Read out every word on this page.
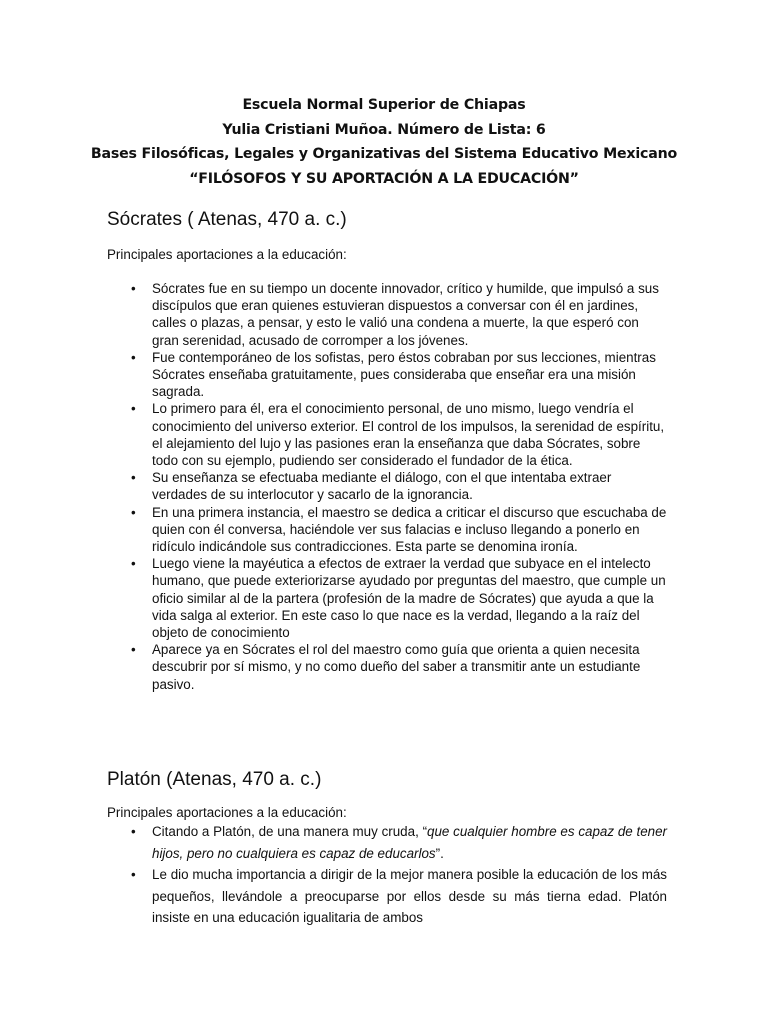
Escuela Normal Superior de Chiapas
Yulia Cristiani Muñoa. Número de Lista: 6
Bases Filosóficas, Legales y Organizativas del Sistema Educativo Mexicano
“FILÓSOFOS Y SU APORTACIÓN A LA EDUCACIÓN”
Sócrates ( Atenas, 470 a. c.)
Principales aportaciones a la educación:
• Sócrates fue en su tiempo un docente innovador, crítico y humilde, que impulsó a sus discípulos que eran quienes estuvieran dispuestos a conversar con él en jardines, calles o plazas, a pensar, y esto le valió una condena a muerte, la que esperó con gran serenidad, acusado de corromper a los jóvenes.
• Fue contemporáneo de los sofistas, pero éstos cobraban por sus lecciones, mientras Sócrates enseñaba gratuitamente, pues consideraba que enseñar era una misión sagrada.
• Lo primero para él, era el conocimiento personal, de uno mismo, luego vendría el conocimiento del universo exterior. El control de los impulsos, la serenidad de espíritu, el alejamiento del lujo y las pasiones eran la enseñanza que daba Sócrates, sobre todo con su ejemplo, pudiendo ser considerado el fundador de la ética.
• Su enseñanza se efectuaba mediante el diálogo, con el que intentaba extraer verdades de su interlocutor y sacarlo de la ignorancia.
• En una primera instancia, el maestro se dedica a criticar el discurso que escuchaba de quien con él conversa, haciéndole ver sus falacias e incluso llegando a ponerlo en ridículo indicándole sus contradicciones. Esta parte se denomina ironía.
• Luego viene la mayéutica a efectos de extraer la verdad que subyace en el intelecto humano, que puede exteriorizarse ayudado por preguntas del maestro, que cumple un oficio similar al de la partera (profesión de la madre de Sócrates) que ayuda a que la vida salga al exterior. En este caso lo que nace es la verdad, llegando a la raíz del objeto de conocimiento
• Aparece ya en Sócrates el rol del maestro como guía que orienta a quien necesita descubrir por sí mismo, y no como dueño del saber a transmitir ante un estudiante pasivo.
Platón (Atenas, 470 a. c.)
Principales aportaciones a la educación:
• Citando a Platón, de una manera muy cruda, “que cualquier hombre es capaz de tener hijos, pero no cualquiera es capaz de educarlos”.
• Le dio mucha importancia a dirigir de la mejor manera posible la educación de los más pequeños, llevándole a preocuparse por ellos desde su más tierna edad. Platón insiste en una educación igualitaria de ambos
